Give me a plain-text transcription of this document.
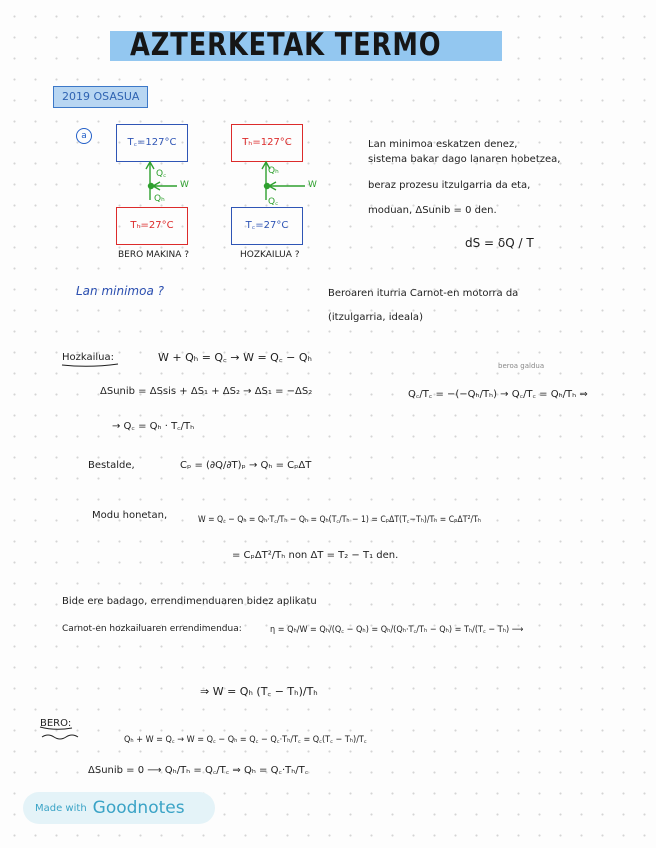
AZTERKETAK TERMO
2019 OSASUA
a
T꜀=127°C
Tₕ=27°C
Q꜀
W
Qₕ
BERO MAKINA ?
Tₕ=127°C
T꜀=27°C
Qₕ
W
Q꜀
HOZKAILUA ?
Lan minimoa eskatzen denez,
sistema bakar dago lanaren hobetzea,
beraz prozesu itzulgarria da eta,
moduan, ΔSunib = 0 den.
dS = δQ / T
Lan minimoa ?	Beroaren iturria Carnot-en motorra da
(itzulgarria, ideala)
Hozkailua:	W + Qₕ = Q꜀ → W = Q꜀ − Qₕ
beroa galdua
ΔSunib = ΔSsis + ΔS₁ + ΔS₂ → ΔS₁ = −ΔS₂	Q꜀/T꜀ = −(−Qₕ/Tₕ) → Q꜀/T꜀ = Qₕ/Tₕ ⇒
→ Q꜀ = Qₕ · T꜀/Tₕ
Bestalde,	Cₚ = (∂Q/∂T)ₚ → Qₕ = CₚΔT
Modu honetan,	W = Q꜀ − Qₕ = Qₕ·T꜀/Tₕ − Qₕ = Qₕ(T꜀/Tₕ − 1) = CₚΔT(T꜀−Tₕ)/Tₕ = CₚΔT²/Tₕ
= CₚΔT²/Tₕ non ΔT = T₂ − T₁ den.
Bide ere badago, errendimenduaren bidez aplikatu
Carnot-en hozkailuaren errendimendua:	η = Qₕ/W = Qₕ/(Q꜀ − Qₕ) = Qₕ/(Qₕ·T꜀/Tₕ − Qₕ) = Tₕ/(T꜀ − Tₕ) ⟶
⇒ W = Qₕ (T꜀ − Tₕ)/Tₕ
BERO:
Qₕ + W = Q꜀ → W = Q꜀ − Qₕ = Q꜀ − Q꜀·Tₕ/T꜀ = Q꜀(T꜀ − Tₕ)/T꜀
ΔSunib = 0 ⟶ Qₕ/Tₕ = Q꜀/T꜀ ⇒ Qₕ = Q꜀·Tₕ/T꜀
Made with Goodnotes
